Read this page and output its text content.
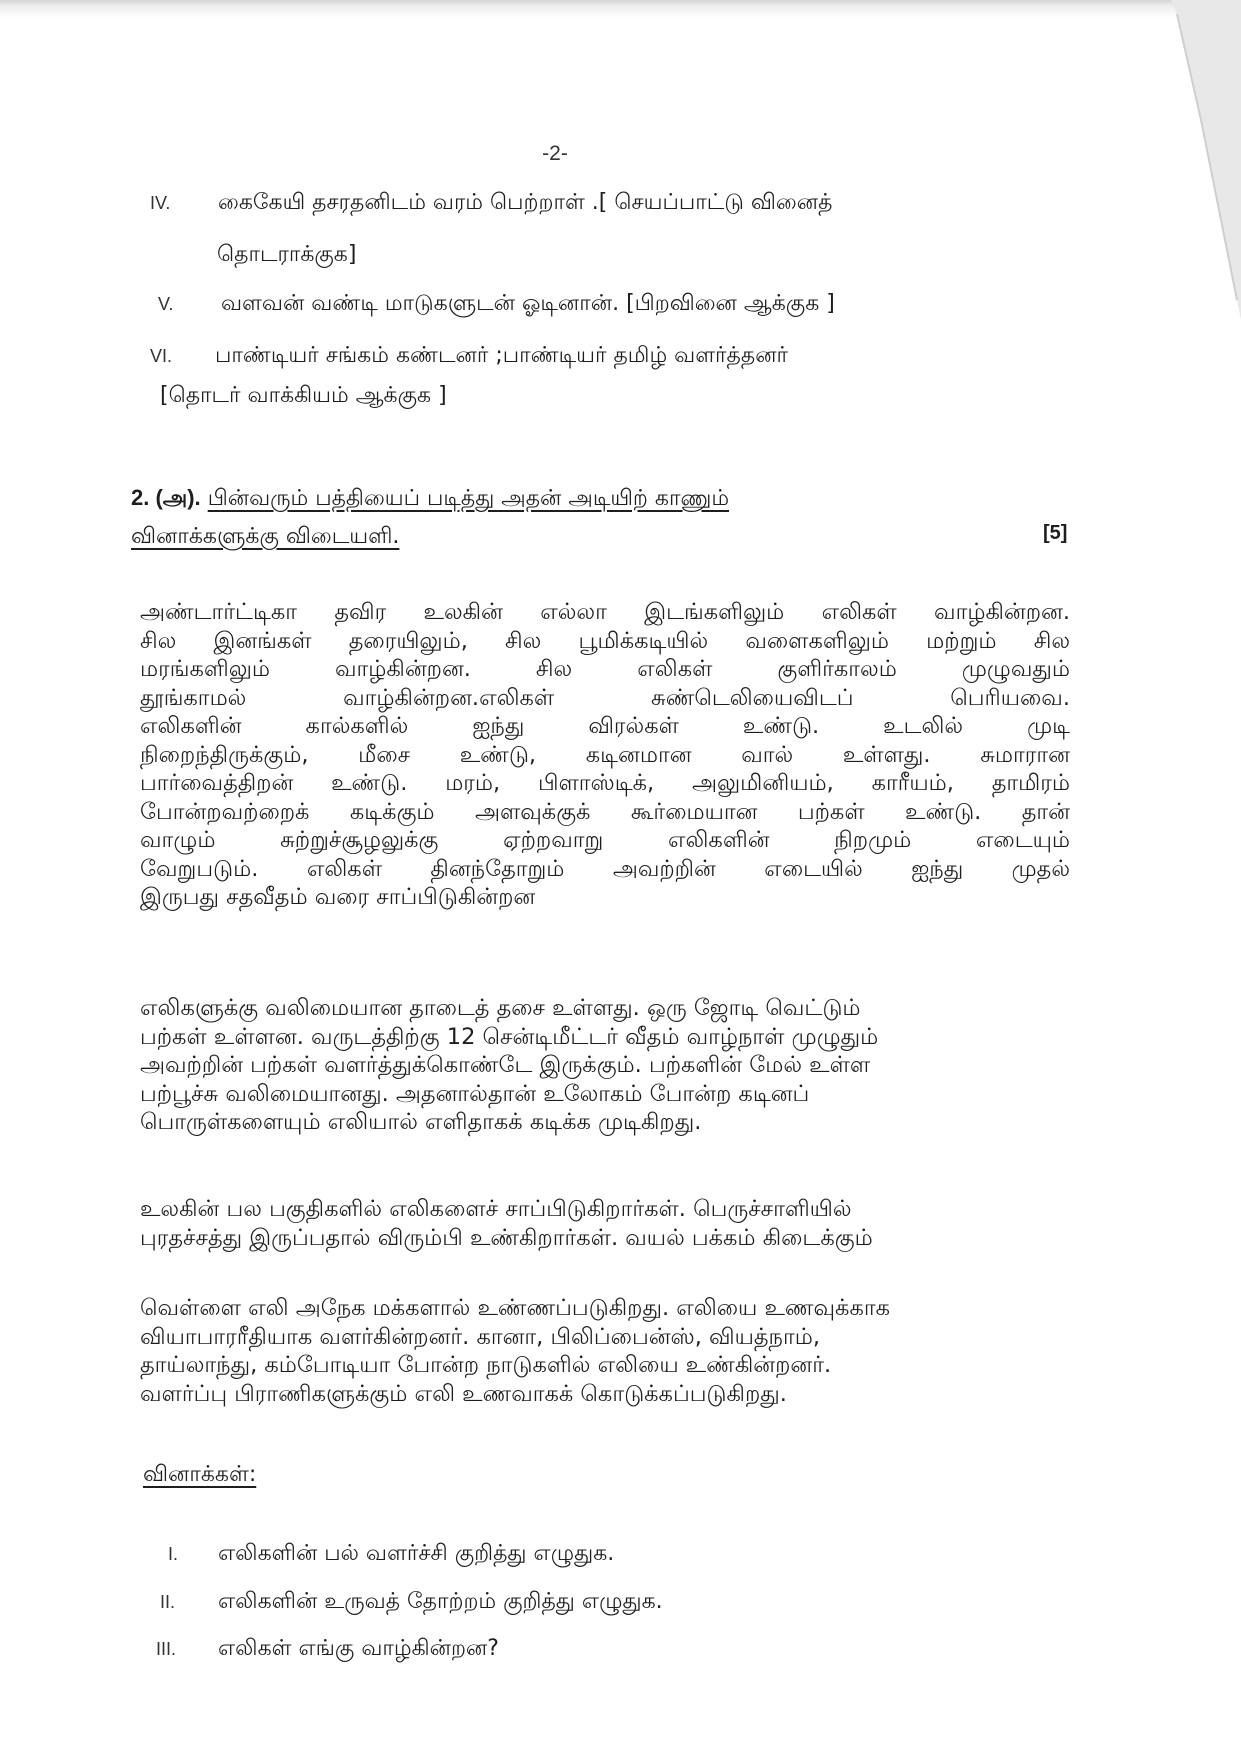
-2-
IV. கைகேயி தசரதனிடம் வரம் பெற்றாள் .[ செயப்பாட்டு வினைத்
தொடராக்குக]
V. வளவன் வண்டி மாடுகளுடன் ஓடினான். [பிறவினை ஆக்குக ]
VI. பாண்டியர் சங்கம் கண்டனர் ;பாண்டியர் தமிழ் வளர்த்தனர்
[தொடர் வாக்கியம் ஆக்குக ]
2. (அ). பின்வரும் பத்தியைப் படித்து அதன் அடியிற் காணும்
வினாக்களுக்கு விடையளி.	[5]
அண்டார்ட்டிகா தவிர உலகின் எல்லா இடங்களிலும் எலிகள் வாழ்கின்றன.
சில இனங்கள் தரையிலும், சில பூமிக்கடியில் வளைகளிலும் மற்றும் சில
மரங்களிலும் வாழ்கின்றன. சில எலிகள் குளிர்காலம் முழுவதும்
தூங்காமல் வாழ்கின்றன.எலிகள் சுண்டெலியைவிடப் பெரியவை.
எலிகளின் கால்களில் ஐந்து விரல்கள் உண்டு. உடலில் முடி
நிறைந்திருக்கும், மீசை உண்டு, கடினமான வால் உள்ளது. சுமாரான
பார்வைத்திறன் உண்டு. மரம், பிளாஸ்டிக், அலுமினியம், காரீயம், தாமிரம்
போன்றவற்றைக் கடிக்கும் அளவுக்குக் கூர்மையான பற்கள் உண்டு. தான்
வாழும் சுற்றுச்சூழலுக்கு ஏற்றவாறு எலிகளின் நிறமும் எடையும்
வேறுபடும். எலிகள் தினந்தோறும் அவற்றின் எடையில் ஐந்து முதல்
இருபது சதவீதம் வரை சாப்பிடுகின்றன
எலிகளுக்கு வலிமையான தாடைத் தசை உள்ளது. ஒரு ஜோடி வெட்டும்
பற்கள் உள்ளன. வருடத்திற்கு 12 சென்டிமீட்டர் வீதம் வாழ்நாள் முழுதும்
அவற்றின் பற்கள் வளர்த்துக்கொண்டே இருக்கும். பற்களின் மேல் உள்ள
பற்பூச்சு வலிமையானது. அதனால்தான் உலோகம் போன்ற கடினப்
பொருள்களையும் எலியால் எளிதாகக் கடிக்க முடிகிறது.
உலகின் பல பகுதிகளில் எலிகளைச் சாப்பிடுகிறார்கள். பெருச்சாளியில்
புரதச்சத்து இருப்பதால் விரும்பி உண்கிறார்கள். வயல் பக்கம் கிடைக்கும்
வெள்ளை எலி அநேக மக்களால் உண்ணப்படுகிறது. எலியை உணவுக்காக
வியாபாரரீதியாக வளர்கின்றனர். கானா, பிலிப்பைன்ஸ், வியத்நாம்,
தாய்லாந்து, கம்போடியா போன்ற நாடுகளில் எலியை உண்கின்றனர்.
வளர்ப்பு பிராணிகளுக்கும் எலி உணவாகக் கொடுக்கப்படுகிறது.
வினாக்கள்:
I. எலிகளின் பல் வளர்ச்சி குறித்து எழுதுக.
II. எலிகளின் உருவத் தோற்றம் குறித்து எழுதுக.
III. எலிகள் எங்கு வாழ்கின்றன?
